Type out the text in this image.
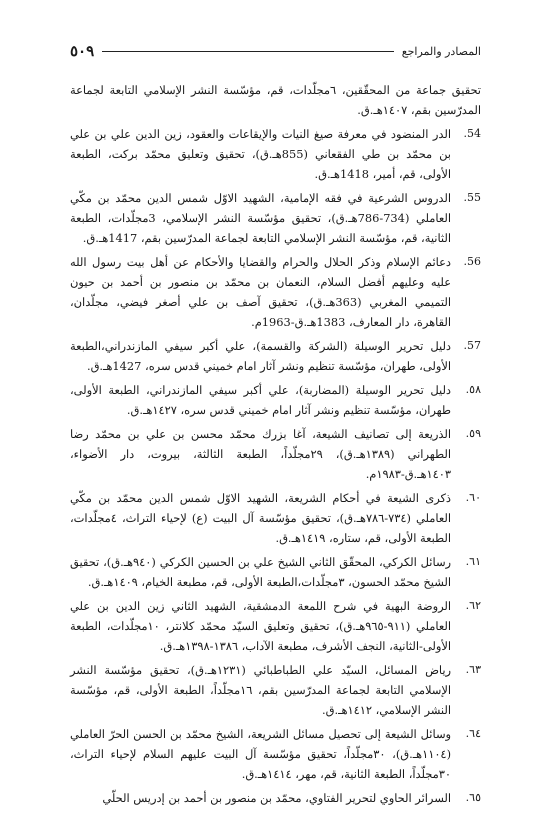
المصادر والمراجع
٥٠٩
تحقيق جماعة من المحقّقين، ٦مجلّدات، قم، مؤسّسة النشر الإسلامي التابعة لجماعة المدرّسين بقم، ١٤٠٧هـ.ق.
54.
الدر المنضود في معرفة صيغ النيات والإيقاعات والعقود، زين الدين علي بن علي بن محمّد بن طي الفقعاني (855هـ.ق)، تحقيق وتعليق محمّد بركت، الطبعة الأولى، قم، أمير، 1418هـ.ق.
55.
الدروس الشرعية في فقه الإمامية، الشهيد الاوّل شمس الدين محمّد بن مكّي العاملي (734-786هـ.ق)، تحقيق مؤسّسة النشر الإسلامي، 3مجلّدات، الطبعة الثانية، قم، مؤسّسة النشر الإسلامي التابعة لجماعة المدرّسين بقم، 1417هـ.ق.
56.
دعائم الإسلام وذكر الحلال والحرام والقضايا والأحكام عن أهل بيت رسول الله عليه وعليهم أفضل السلام، النعمان بن محمّد بن منصور بن أحمد بن حيون التميمي المغربي (363هـ.ق)، تحقيق آصف بن علي أصغر فيضي، مجلّدان، القاهرة، دار المعارف، 1383هـ.ق-1963م.
57.
دليل تحرير الوسيلة (الشركة والقسمة)، علي أكبر سيفي المازندراني،الطبعة الأولى، طهران، مؤسّسة تنظيم ونشر آثار امام خميني قدس سره، 1427هـ.ق.
٥٨.
دليل تحرير الوسيلة (المضاربة)، علي أكبر سيفي المازندراني، الطبعة الأولى، طهران، مؤسّسة تنظيم ونشر آثار امام خميني قدس سره، ١٤٢٧هـ.ق.
٥٩.
الذريعة إلى تصانيف الشيعة، آغا بزرك محمّد محسن بن علي بن محمّد رضا الطهراني (١٣٨٩هـ.ق)، ٢٩مجلّداً، الطبعة الثالثة، بيروت، دار الأضواء، ١٤٠٣هـ.ق-١٩٨٣م.
٦٠.
ذكرى الشيعة في أحكام الشريعة، الشهيد الاوّل شمس الدين محمّد بن مكّي العاملي (٧٣٤-٧٨٦هـ.ق)، تحقيق مؤسّسة آل البيت (ع) لإحياء التراث، ٤مجلّدات، الطبعة الأولى، قم، ستاره، ١٤١٩هـ.ق.
٦١.
رسائل الكركي، المحقّق الثاني الشيخ علي بن الحسين الكركي (٩٤٠هـ.ق)، تحقيق الشيخ محمّد الحسون، ٣مجلّدات،الطبعة الأولى، قم، مطبعة الخيام، ١٤٠٩هـ.ق.
٦٢.
الروضة البهية في شرح اللمعة الدمشقية، الشهيد الثاني زين الدين بن علي العاملي (٩١١-٩٦٥هـ.ق)، تحقيق وتعليق السيّد محمّد كلانتر، ١٠مجلّدات، الطبعة الأولى-الثانية، النجف الأشرف، مطبعة الآداب، ١٣٨٦-١٣٩٨هـ.ق.
٦٣.
رياض المسائل، السيّد علي الطباطبائي (١٢٣١هـ.ق)، تحقيق مؤسّسة النشر الإسلامي التابعة لجماعة المدرّسين بقم، ١٦مجلّداً، الطبعة الأولى، قم، مؤسّسة النشر الإسلامي، ١٤١٢هـ.ق.
٦٤.
وسائل الشيعة إلى تحصيل مسائل الشريعة، الشيخ محمّد بن الحسن الحرّ العاملي (١١٠٤هـ.ق)، ٣٠مجلّداً، تحقيق مؤسّسة آل البيت عليهم السلام لإحياء التراث، ٣٠مجلّداً، الطبعة الثانية، قم، مهر، ١٤١٤هـ.ق.
٦٥.
السرائر الحاوي لتحرير الفتاوي، محمّد بن منصور بن أحمد بن إدريس الحلّي
